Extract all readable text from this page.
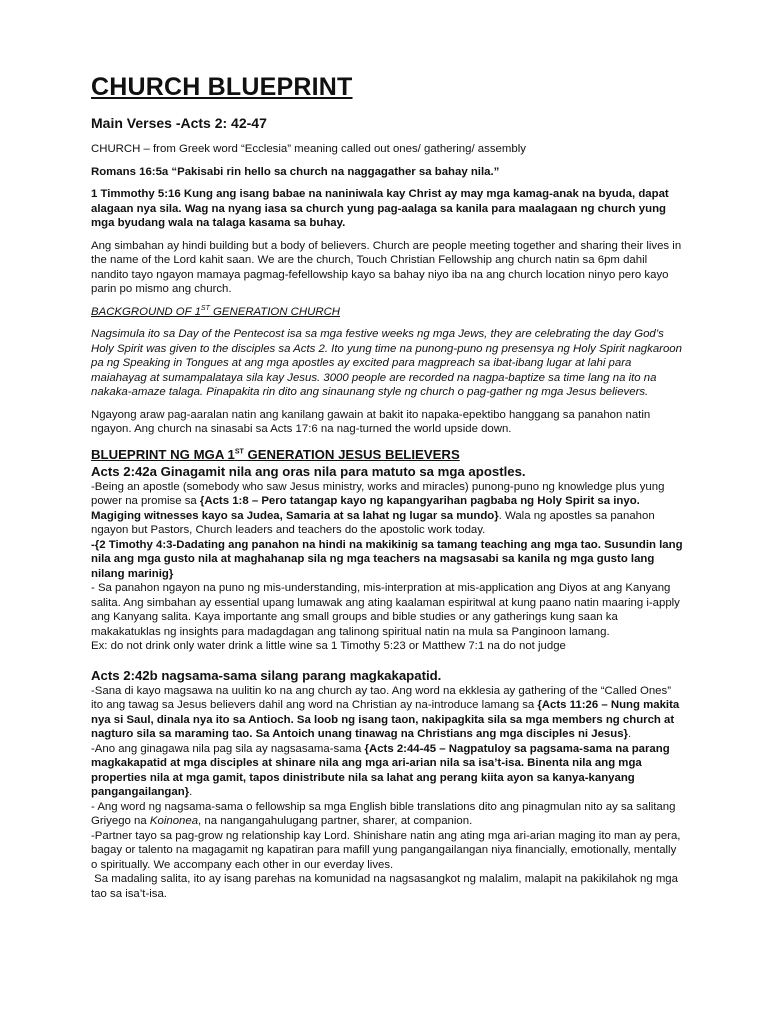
CHURCH BLUEPRINT
Main Verses -Acts 2: 42-47

CHURCH – from Greek word “Ecclesia” meaning called out ones/ gathering/ assembly

Romans 16:5a “Pakisabi rin hello sa church na naggagather sa bahay nila.”

1 Timmothy 5:16 Kung ang isang babae na naniniwala kay Christ ay may mga kamag-anak na byuda, dapat alagaan nya sila. Wag na nyang iasa sa church yung pag-aalaga sa kanila para maalagaan ng church yung mga byudang wala na talaga kasama sa buhay.

Ang simbahan ay hindi building but a body of believers. Church are people meeting together and sharing their lives in the name of the Lord kahit saan. We are the church, Touch Christian Fellowship ang church natin sa 6pm dahil nandito tayo ngayon mamaya pagmag-fefellowship kayo sa bahay niyo iba na ang church location ninyo pero kayo parin po mismo ang church.

BACKGROUND OF 1ST GENERATION CHURCH

Nagsimula ito sa Day of the Pentecost isa sa mga festive weeks ng mga Jews, they are celebrating the day God’s Holy Spirit was given to the disciples sa Acts 2. Ito yung time na punong-puno ng presensya ng Holy Spirit nagkaroon pa ng Speaking in Tongues at ang mga apostles ay excited para magpreach sa ibat-ibang lugar at lahi para maiahayag at sumampalataya sila kay Jesus. 3000 people are recorded na nagpa-baptize sa time lang na ito na nakaka-amaze talaga. Pinapakita rin dito ang sinaunang style ng church o pag-gather ng mga Jesus believers.

Ngayong araw pag-aaralan natin ang kanilang gawain at bakit ito napaka-epektibo hanggang sa panahon natin ngayon. Ang church na sinasabi sa Acts 17:6 na nag-turned the world upside down.

BLUEPRINT NG MGA 1ST GENERATION JESUS BELIEVERS
Acts 2:42a Ginagamit nila ang oras nila para matuto sa mga apostles.
-Being an apostle (somebody who saw Jesus ministry, works and miracles) punong-puno ng knowledge plus yung power na promise sa {Acts 1:8 – Pero tatangap kayo ng kapangyarihan pagbaba ng Holy Spirit sa inyo. Magiging witnesses kayo sa Judea, Samaria at sa lahat ng lugar sa mundo}. Wala ng apostles sa panahon ngayon but Pastors, Church leaders and teachers do the apostolic work today.
-{2 Timothy 4:3-Dadating ang panahon na hindi na makikinig sa tamang teaching ang mga tao. Susundin lang nila ang mga gusto nila at maghahanap sila ng mga teachers na magsasabi sa kanila ng mga gusto lang nilang marinig}
- Sa panahon ngayon na puno ng mis-understanding, mis-interpration at mis-application ang Diyos at ang Kanyang salita. Ang simbahan ay essential upang lumawak ang ating kaalaman espiritwal at kung paano natin maaring i-apply ang Kanyang salita. Kaya importante ang small groups and bible studies or any gatherings kung saan ka makakatuklas ng insights para madagdagan ang talinong spiritual natin na mula sa Panginoon lamang.
Ex: do not drink only water drink a little wine sa 1 Timothy 5:23 or Matthew 7:1 na do not judge
Acts 2:42b nagsama-sama silang parang magkakapatid.
-Sana di kayo magsawa na uulitin ko na ang church ay tao. Ang word na ekklesia ay gathering of the “Called Ones” ito ang tawag sa Jesus believers dahil ang word na Christian ay na-introduce lamang sa {Acts 11:26 – Nung makita nya si Saul, dinala nya ito sa Antioch. Sa loob ng isang taon, nakipagkita sila sa mga members ng church at nagturo sila sa maraming tao. Sa Antoich unang tinawag na Christians ang mga disciples ni Jesus}.
-Ano ang ginagawa nila pag sila ay nagsasama-sama {Acts 2:44-45 – Nagpatuloy sa pagsama-sama na parang magkakapatid at mga disciples at shinare nila ang mga ari-arian nila sa isa’t-isa. Binenta nila ang mga properties nila at mga gamit, tapos dinistribute nila sa lahat ang perang kiita ayon sa kanya-kanyang pangangailangan}.
- Ang word ng nagsama-sama o fellowship sa mga English bible translations dito ang pinagmulan nito ay sa salitang Griyego na Koinonea, na nangangahulugang partner, sharer, at companion.
-Partner tayo sa pag-grow ng relationship kay Lord. Shinishare natin ang ating mga ari-arian maging ito man ay pera, bagay or talento na magagamit ng kapatiran para mafill yung pangangailangan niya financially, emotionally, mentally o spiritually. We accompany each other in our everday lives.
Sa madaling salita, ito ay isang parehas na komunidad na nagsasangkot ng malalim, malapit na pakikilahok ng mga tao sa isa’t-isa.
